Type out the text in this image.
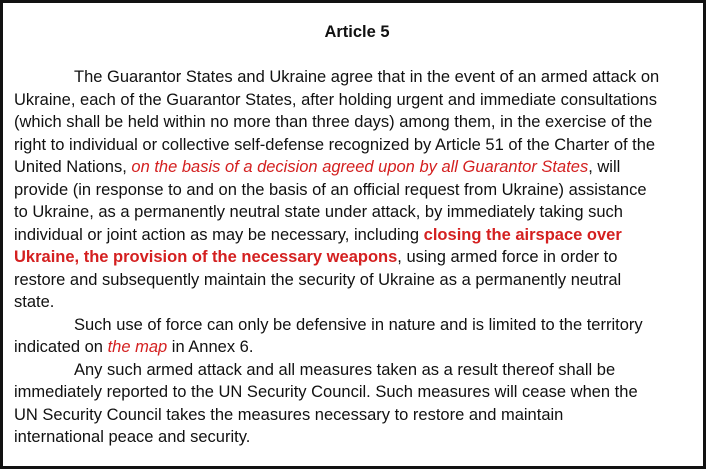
Article 5
The Guarantor States and Ukraine agree that in the event of an armed attack on
Ukraine, each of the Guarantor States, after holding urgent and immediate consultations
(which shall be held within no more than three days) among them, in the exercise of the
right to individual or collective self-defense recognized by Article 51 of the Charter of the
United Nations, on the basis of a decision agreed upon by all Guarantor States, will
provide (in response to and on the basis of an official request from Ukraine) assistance
to Ukraine, as a permanently neutral state under attack, by immediately taking such
individual or joint action as may be necessary, including closing the airspace over
Ukraine, the provision of the necessary weapons, using armed force in order to
restore and subsequently maintain the security of Ukraine as a permanently neutral
state.
Such use of force can only be defensive in nature and is limited to the territory
indicated on the map in Annex 6.
Any such armed attack and all measures taken as a result thereof shall be
immediately reported to the UN Security Council. Such measures will cease when the
UN Security Council takes the measures necessary to restore and maintain
international peace and security.
